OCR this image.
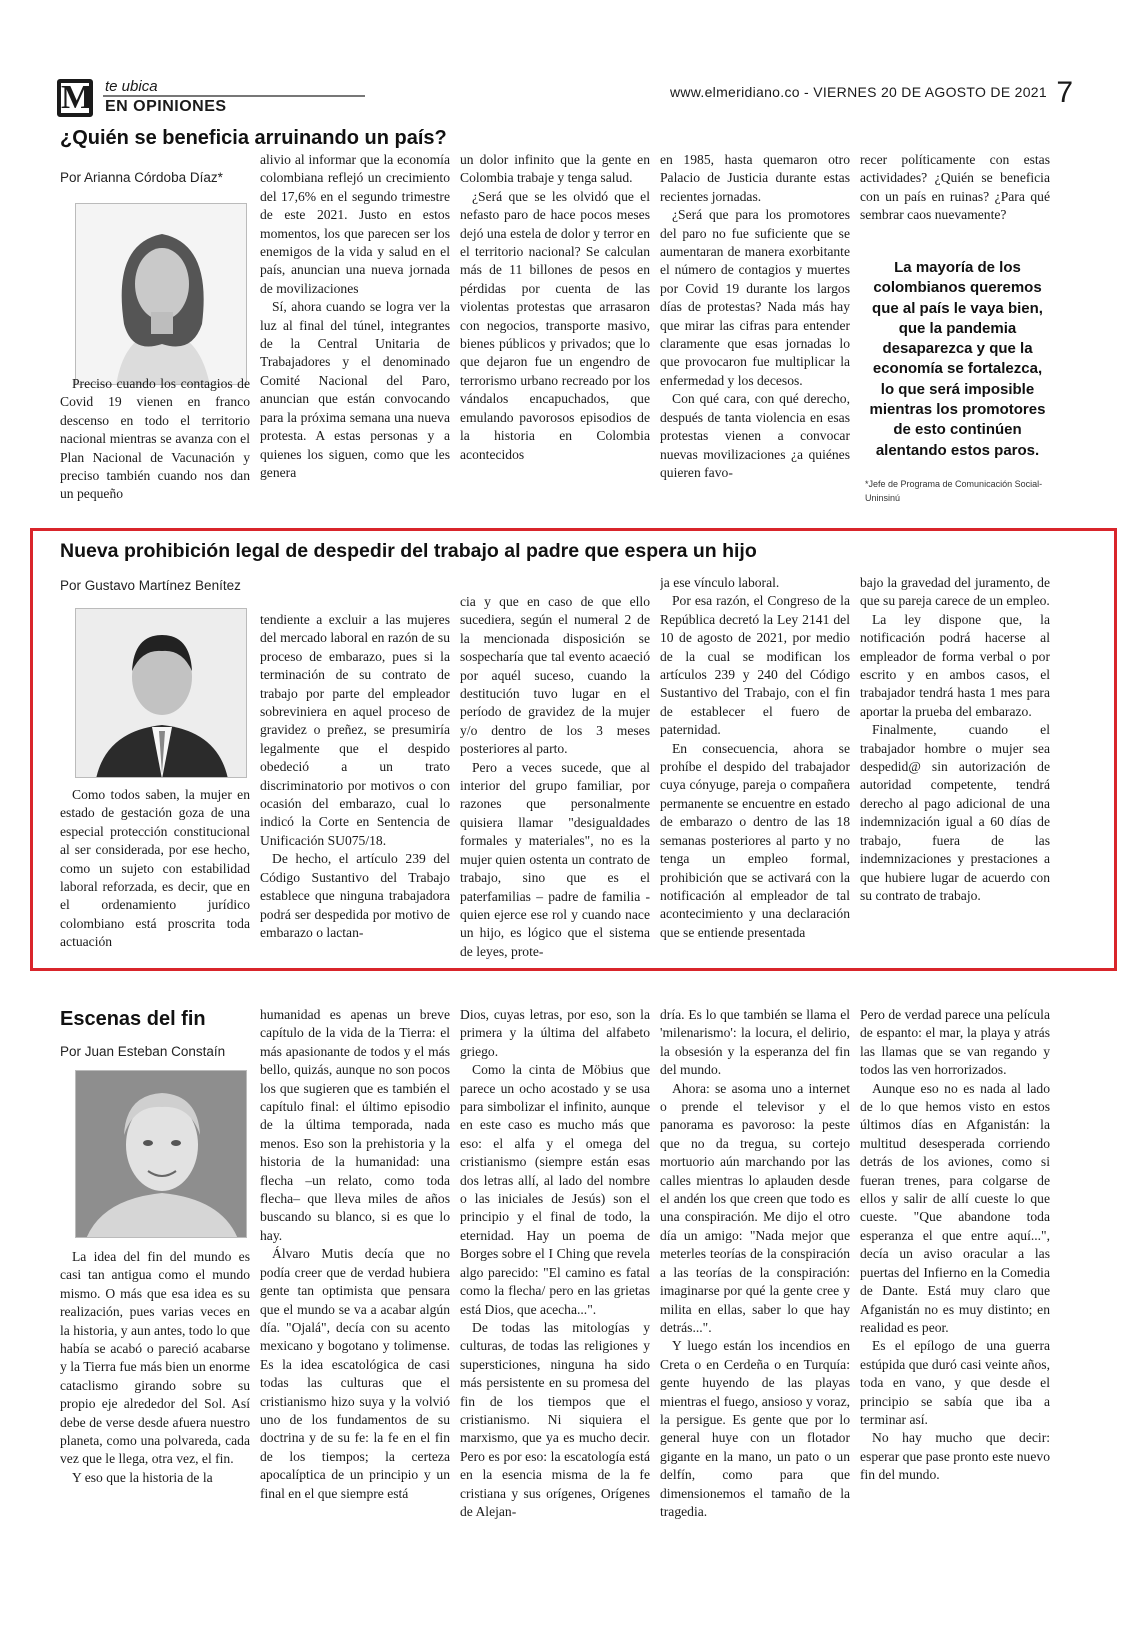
M te ubica
EN OPINIONES
www.elmeridiano.co - VIERNES 20 DE AGOSTO DE 2021 7
¿Quién se beneficia arruinando un país?
Por Arianna Córdoba Díaz*

Preciso cuando los contagios de Covid 19 vienen en franco descenso en todo el territorio nacional mientras se avanza con el Plan Nacional de Vacunación y preciso también cuando nos dan un pequeño

alivio al informar que la economía colombiana reflejó un crecimiento del 17,6% en el segundo trimestre de este 2021. Justo en estos momentos, los que parecen ser los enemigos de la vida y salud en el país, anuncian una nueva jornada de movilizaciones

Sí, ahora cuando se logra ver la luz al final del túnel, integrantes de la Central Unitaria de Trabajadores y el denominado Comité Nacional del Paro, anuncian que están convocando para la próxima semana una nueva protesta. A estas personas y a quienes los siguen, como que les genera

un dolor infinito que la gente en Colombia trabaje y tenga salud.

¿Será que se les olvidó que el nefasto paro de hace pocos meses dejó una estela de dolor y terror en el territorio nacional? Se calculan más de 11 billones de pesos en pérdidas por cuenta de las violentas protestas que arrasaron con negocios, transporte masivo, bienes públicos y privados; que lo que dejaron fue un engendro de terrorismo urbano recreado por los vándalos encapuchados, que emulando pavorosos episodios de la historia en Colombia acontecidos

en 1985, hasta quemaron otro Palacio de Justicia durante estas recientes jornadas.

¿Será que para los promotores del paro no fue suficiente que se aumentaran de manera exorbitante el número de contagios y muertes por Covid 19 durante los largos días de protestas? Nada más hay que mirar las cifras para entender claramente que esas jornadas lo que provocaron fue multiplicar la enfermedad y los decesos.

Con qué cara, con qué derecho, después de tanta violencia en esas protestas vienen a convocar nuevas movilizaciones ¿a quiénes quieren favo-

recer políticamente con estas actividades? ¿Quién se beneficia con un país en ruinas? ¿Para qué sembrar caos nuevamente?

La mayoría de los colombianos queremos que al país le vaya bien, que la pandemia desaparezca y que la economía se fortalezca, lo que será imposible mientras los promotores de esto continúen alentando estos paros.
*Jefe de Programa de Comunicación Social-Uninsinú
Nueva prohibición legal de despedir del trabajo al padre que espera un hijo
Por Gustavo Martínez Benítez

Como todos saben, la mujer en estado de gestación goza de una especial protección constitucional al ser considerada, por ese hecho, como un sujeto con estabilidad laboral reforzada, es decir, que en el ordenamiento jurídico colombiano está proscrita toda actuación

tendiente a excluir a las mujeres del mercado laboral en razón de su proceso de embarazo, pues si la terminación de su contrato de trabajo por parte del empleador sobreviniera en aquel proceso de gravidez o preñez, se presumiría legalmente que el despido obedeció a un trato discriminatorio por motivos o con ocasión del embarazo, cual lo indicó la Corte en Sentencia de Unificación SU075/18.

De hecho, el artículo 239 del Código Sustantivo del Trabajo establece que ninguna trabajadora podrá ser despedida por motivo de embarazo o lactan-

cia y que en caso de que ello sucediera, según el numeral 2 de la mencionada disposición se sospecharía que tal evento acaeció por aquél suceso, cuando la destitución tuvo lugar en el período de gravidez de la mujer y/o dentro de los 3 meses posteriores al parto.

Pero a veces sucede, que al interior del grupo familiar, por razones que personalmente quisiera llamar "desigualdades formales y materiales", no es la mujer quien ostenta un contrato de trabajo, sino que es el paterfamilias – padre de familia - quien ejerce ese rol y cuando nace un hijo, es lógico que el sistema de leyes, prote-

ja ese vínculo laboral.

Por esa razón, el Congreso de la República decretó la Ley 2141 del 10 de agosto de 2021, por medio de la cual se modifican los artículos 239 y 240 del Código Sustantivo del Trabajo, con el fin de establecer el fuero de paternidad.

En consecuencia, ahora se prohíbe el despido del trabajador cuya cónyuge, pareja o compañera permanente se encuentre en estado de embarazo o dentro de las 18 semanas posteriores al parto y no tenga un empleo formal, prohibición que se activará con la notificación al empleador de tal acontecimiento y una declaración que se entiende presentada

bajo la gravedad del juramento, de que su pareja carece de un empleo.

La ley dispone que, la notificación podrá hacerse al empleador de forma verbal o por escrito y en ambos casos, el trabajador tendrá hasta 1 mes para aportar la prueba del embarazo.

Finalmente, cuando el trabajador hombre o mujer sea despedid@ sin autorización de autoridad competente, tendrá derecho al pago adicional de una indemnización igual a 60 días de trabajo, fuera de las indemnizaciones y prestaciones a que hubiere lugar de acuerdo con su contrato de trabajo.

Escenas del fin
Por Juan Esteban Constaín

La idea del fin del mundo es casi tan antigua como el mundo mismo. O más que esa idea es su realización, pues varias veces en la historia, y aun antes, todo lo que había se acabó o pareció acabarse y la Tierra fue más bien un enorme cataclismo girando sobre su propio eje alrededor del Sol. Así debe de verse desde afuera nuestro planeta, como una polvareda, cada vez que le llega, otra vez, el fin.

Y eso que la historia de la

humanidad es apenas un breve capítulo de la vida de la Tierra: el más apasionante de todos y el más bello, quizás, aunque no son pocos los que sugieren que es también el capítulo final: el último episodio de la última temporada, nada menos. Eso son la prehistoria y la historia de la humanidad: una flecha –un relato, como toda flecha– que lleva miles de años buscando su blanco, si es que lo hay.

Álvaro Mutis decía que no podía creer que de verdad hubiera gente tan optimista que pensara que el mundo se va a acabar algún día. "Ojalá", decía con su acento mexicano y bogotano y tolimense. Es la idea escatológica de casi todas las culturas que el cristianismo hizo suya y la volvió uno de los fundamentos de su doctrina y de su fe: la fe en el fin de los tiempos; la certeza apocalíptica de un principio y un final en el que siempre está

Dios, cuyas letras, por eso, son la primera y la última del alfabeto griego.

Como la cinta de Möbius que parece un ocho acostado y se usa para simbolizar el infinito, aunque en este caso es mucho más que eso: el alfa y el omega del cristianismo (siempre están esas dos letras allí, al lado del nombre o las iniciales de Jesús) son el principio y el final de todo, la eternidad. Hay un poema de Borges sobre el I Ching que revela algo parecido: "El camino es fatal como la flecha/ pero en las grietas está Dios, que acecha...".

De todas las mitologías y culturas, de todas las religiones y supersticiones, ninguna ha sido más persistente en su promesa del fin de los tiempos que el cristianismo. Ni siquiera el marxismo, que ya es mucho decir. Pero es por eso: la escatología está en la esencia misma de la fe cristiana y sus orígenes, Orígenes de Alejan-

dría. Es lo que también se llama el 'milenarismo': la locura, el delirio, la obsesión y la esperanza del fin del mundo.

Ahora: se asoma uno a internet o prende el televisor y el panorama es pavoroso: la peste que no da tregua, su cortejo mortuorio aún marchando por las calles mientras lo aplauden desde el andén los que creen que todo es una conspiración. Me dijo el otro día un amigo: "Nada mejor que meterles teorías de la conspiración a las teorías de la conspiración: imaginarse por qué la gente cree y milita en ellas, saber lo que hay detrás...".

Y luego están los incendios en Creta o en Cerdeña o en Turquía: gente huyendo de las playas mientras el fuego, ansioso y voraz, la persigue. Es gente que por lo general huye con un flotador gigante en la mano, un pato o un delfín, como para que dimensionemos el tamaño de la tragedia.

Pero de verdad parece una película de espanto: el mar, la playa y atrás las llamas que se van regando y todos las ven horrorizados.

Aunque eso no es nada al lado de lo que hemos visto en estos últimos días en Afganistán: la multitud desesperada corriendo detrás de los aviones, como si fueran trenes, para colgarse de ellos y salir de allí cueste lo que cueste. "Que abandone toda esperanza el que entre aquí...", decía un aviso oracular a las puertas del Infierno en la Comedia de Dante. Está muy claro que Afganistán no es muy distinto; en realidad es peor.

Es el epílogo de una guerra estúpida que duró casi veinte años, toda en vano, y que desde el principio se sabía que iba a terminar así.

No hay mucho que decir: esperar que pase pronto este nuevo fin del mundo.
